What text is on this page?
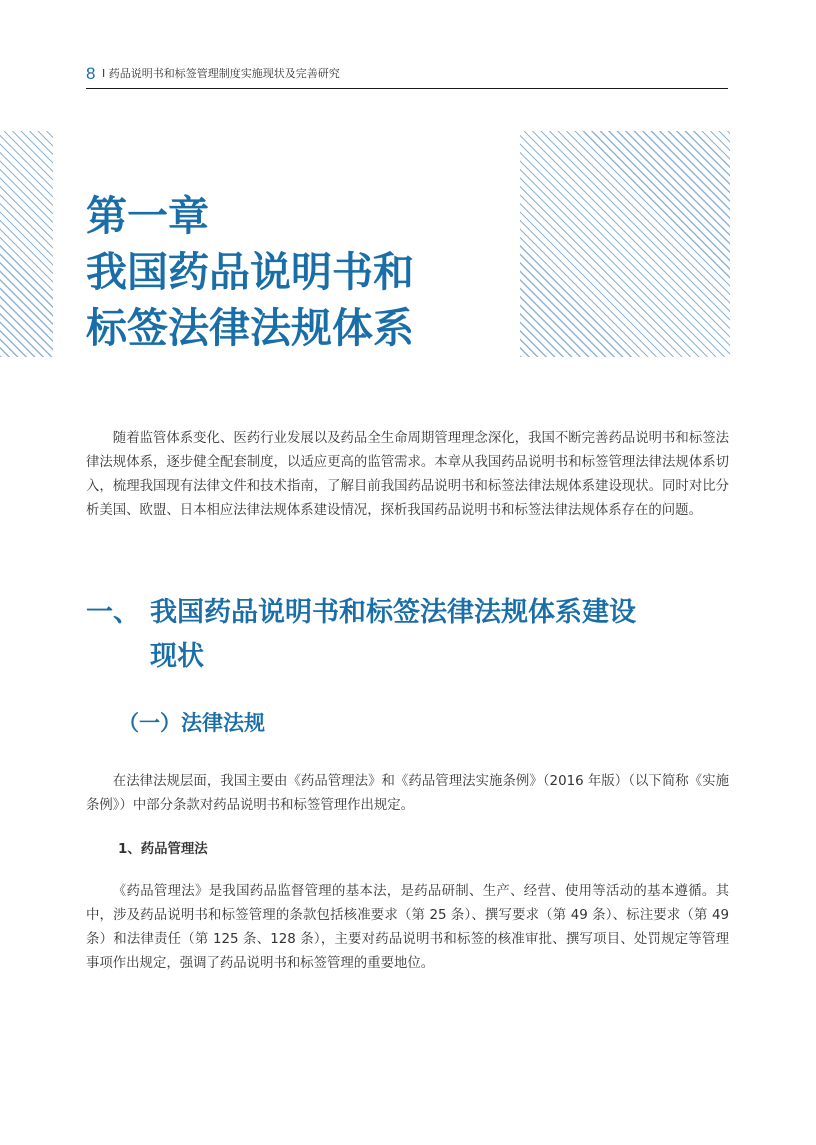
8 I 药品说明书和标签管理制度实施现状及完善研究
第一章
我国药品说明书和
标签法律法规体系

随着监管体系变化、医药行业发展以及药品全生命周期管理理念深化，我国不断完善药品说明书和标签法律法规体系，逐步健全配套制度，以适应更高的监管需求。本章从我国药品说明书和标签管理法律法规体系切入，梳理我国现有法律文件和技术指南，了解目前我国药品说明书和标签法律法规体系建设现状。同时对比分析美国、欧盟、日本相应法律法规体系建设情况，探析我国药品说明书和标签法律法规体系存在的问题。

一、 我国药品说明书和标签法律法规体系建设
现状
（一）法律法规

在法律法规层面，我国主要由《药品管理法》和《药品管理法实施条例》（2016 年版）（以下简称《实施条例》）中部分条款对药品说明书和标签管理作出规定。

1、药品管理法

《药品管理法》是我国药品监督管理的基本法，是药品研制、生产、经营、使用等活动的基本遵循。其中，涉及药品说明书和标签管理的条款包括核准要求（第 25 条）、撰写要求（第 49 条）、标注要求（第 49 条）和法律责任（第 125 条、128 条），主要对药品说明书和标签的核准审批、撰写项目、处罚规定等管理事项作出规定，强调了药品说明书和标签管理的重要地位。
